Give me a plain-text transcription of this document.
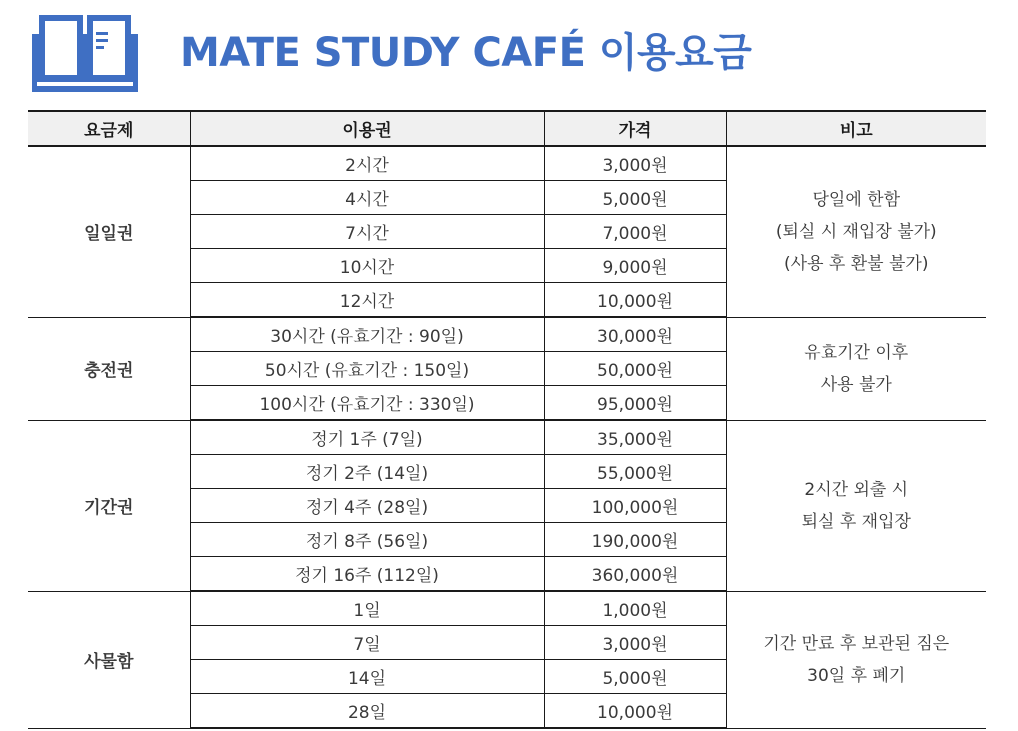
MATE STUDY CAFÉ 이용요금
요금제	이용권	가격	비고
일일권	2시간	3,000원	당일에 한함
(퇴실 시 재입장 불가)
(사용 후 환불 불가)

	4시간	5,000원	
	7시간	7,000원	
	10시간	9,000원	
	12시간	10,000원	
충전권	30시간 (유효기간 : 90일)	30,000원	유효기간 이후
사용 불가

	50시간 (유효기간 : 150일)	50,000원	
	100시간 (유효기간 : 330일)	95,000원	
기간권	정기 1주 (7일)	35,000원	2시간 외출 시
퇴실 후 재입장

	정기 2주 (14일)	55,000원	
	정기 4주 (28일)	100,000원	
	정기 8주 (56일)	190,000원	
	정기 16주 (112일)	360,000원	
사물함	1일	1,000원	기간 만료 후 보관된 짐은
30일 후 폐기

	7일	3,000원	
	14일	5,000원	
	28일	10,000원	
